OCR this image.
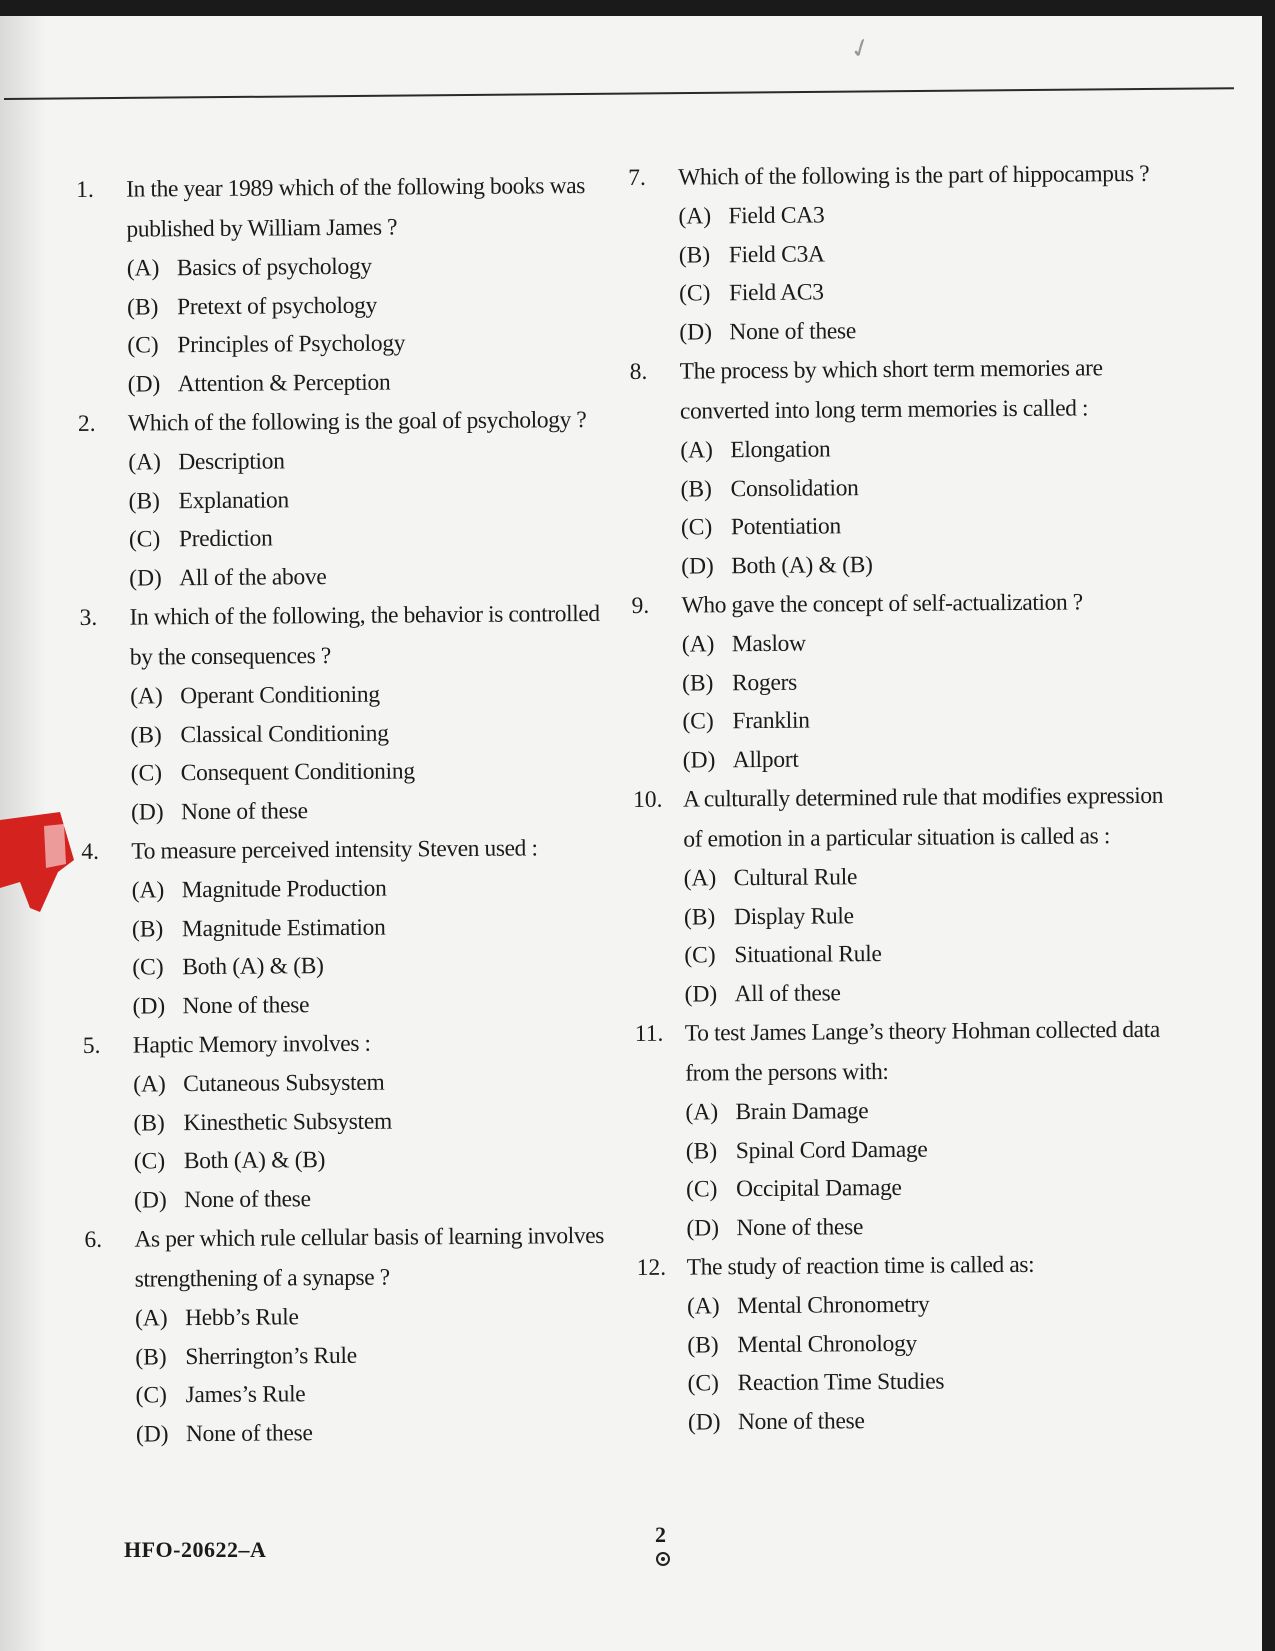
✓
1.	In the year 1989 which of the following books was
published by William James ?
(A) Basics of psychology
(B) Pretext of psychology
(C) Principles of Psychology
(D) Attention & Perception
2.	Which of the following is the goal of psychology ?
(A) Description
(B) Explanation
(C) Prediction
(D) All of the above
3.	In which of the following, the behavior is controlled
by the consequences ?
(A) Operant Conditioning
(B) Classical Conditioning
(C) Consequent Conditioning
(D) None of these
4.	To measure perceived intensity Steven used :
(A) Magnitude Production
(B) Magnitude Estimation
(C) Both (A) & (B)
(D) None of these
5.	Haptic Memory involves :
(A) Cutaneous Subsystem
(B) Kinesthetic Subsystem
(C) Both (A) & (B)
(D) None of these
6.	As per which rule cellular basis of learning involves
strengthening of a synapse ?
(A) Hebb’s Rule
(B) Sherrington’s Rule
(C) James’s Rule
(D) None of these
7.	Which of the following is the part of hippocampus ?
(A) Field CA3
(B) Field C3A
(C) Field AC3
(D) None of these
8.	The process by which short term memories are
converted into long term memories is called :
(A) Elongation
(B) Consolidation
(C) Potentiation
(D) Both (A) & (B)
9.	Who gave the concept of self-actualization ?
(A) Maslow
(B) Rogers
(C) Franklin
(D) Allport
10. A culturally determined rule that modifies expression
of emotion in a particular situation is called as :
(A) Cultural Rule
(B) Display Rule
(C) Situational Rule
(D) All of these
11. To test James Lange’s theory Hohman collected data
from the persons with:
(A) Brain Damage
(B) Spinal Cord Damage
(C) Occipital Damage
(D) None of these
12. The study of reaction time is called as:
(A) Mental Chronometry
(B) Mental Chronology
(C) Reaction Time Studies
(D) None of these
HFO-20622–A
2
